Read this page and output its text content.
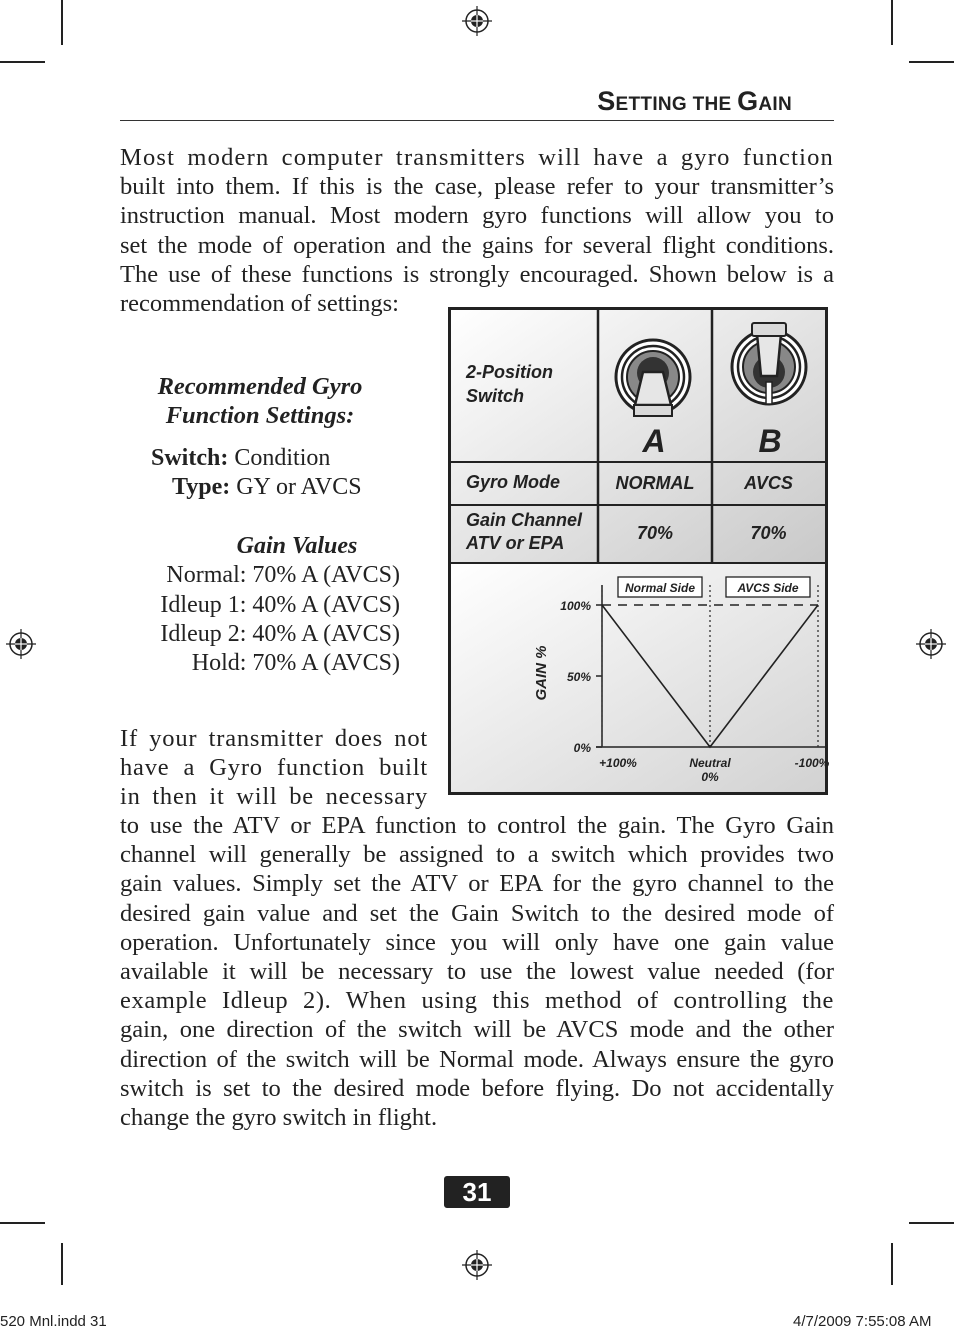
SETTING THE GAIN
Most modern computer transmitters will have a gyro function
built into them. If this is the case, please refer to your transmitter’s
instruction manual. Most modern gyro functions will allow you to
set the mode of operation and the gains for several flight conditions.
The use of these functions is strongly encouraged. Shown below is a
recommendation of settings:
Recommended Gyro
Function Settings:
Switch: Condition
Type: GY or AVCS
Gain Values
Normal: 70% A (AVCS)
Idleup 1: 40% A (AVCS)
Idleup 2: 40% A (AVCS)
Hold: 70% A (AVCS)
If your transmitter does not
have a Gyro function built
in then it will be necessary
to use the ATV or EPA function to control the gain. The Gyro Gain
channel will generally be assigned to a switch which provides two
gain values. Simply set the ATV or EPA for the gyro channel to the
desired gain value and set the Gain Switch to the desired mode of
operation. Unfortunately since you will only have one gain value
available it will be necessary to use the lowest value needed (for
example Idleup 2). When using this method of controlling the
gain, one direction of the switch will be AVCS mode and the other
direction of the switch will be Normal mode. Always ensure the gyro
switch is set to the desired mode before flying. Do not accidentally
change the gyro switch in flight.
2-Position
Switch
A	B
Gyro Mode	NORMAL	AVCS
Gain Channel
ATV or EPA	70%	70%
100%
50%
0%
+100%	Neutral
0%
-100%
GAIN %
Normal Side	AVCS Side
31
520 Mnl.indd 31	4/7/2009 7:55:08 AM
